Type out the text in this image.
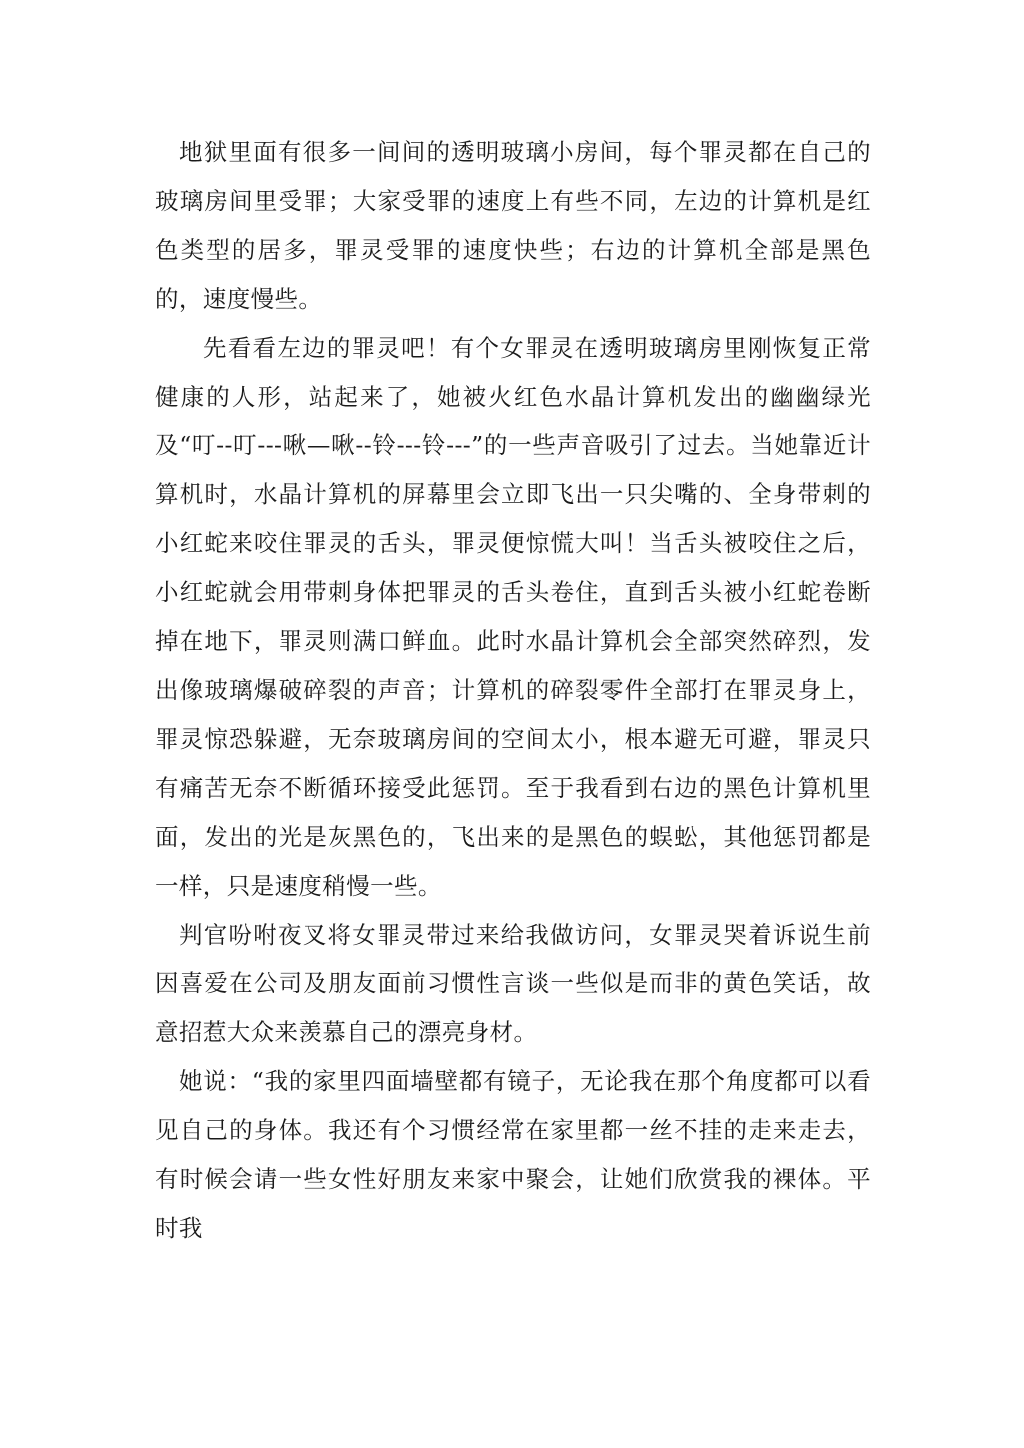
地狱里面有很多一间间的透明玻璃小房间，每个罪灵都在自己的玻璃房间里受罪；大家受罪的速度上有些不同，左边的计算机是红色类型的居多，罪灵受罪的速度快些；右边的计算机全部是黑色的，速度慢些。

先看看左边的罪灵吧！有个女罪灵在透明玻璃房里刚恢复正常健康的人形，站起来了，她被火红色水晶计算机发出的幽幽绿光及“叮--叮---啾—啾--铃---铃---”的一些声音吸引了过去。当她靠近计算机时，水晶计算机的屏幕里会立即飞出一只尖嘴的、全身带刺的小红蛇来咬住罪灵的舌头，罪灵便惊慌大叫！当舌头被咬住之后，小红蛇就会用带刺身体把罪灵的舌头卷住，直到舌头被小红蛇卷断掉在地下，罪灵则满口鲜血。此时水晶计算机会全部突然碎烈，发出像玻璃爆破碎裂的声音；计算机的碎裂零件全部打在罪灵身上，罪灵惊恐躲避，无奈玻璃房间的空间太小，根本避无可避，罪灵只有痛苦无奈不断循环接受此惩罚。至于我看到右边的黑色计算机里面，发出的光是灰黑色的，飞出来的是黑色的蜈蚣，其他惩罚都是一样，只是速度稍慢一些。

判官吩咐夜叉将女罪灵带过来给我做访问，女罪灵哭着诉说生前因喜爱在公司及朋友面前习惯性言谈一些似是而非的黄色笑话，故意招惹大众来羡慕自己的漂亮身材。

她说：“我的家里四面墙壁都有镜子，无论我在那个角度都可以看见自己的身体。我还有个习惯经常在家里都一丝不挂的走来走去，有时候会请一些女性好朋友来家中聚会，让她们欣赏我的裸体。平时我
